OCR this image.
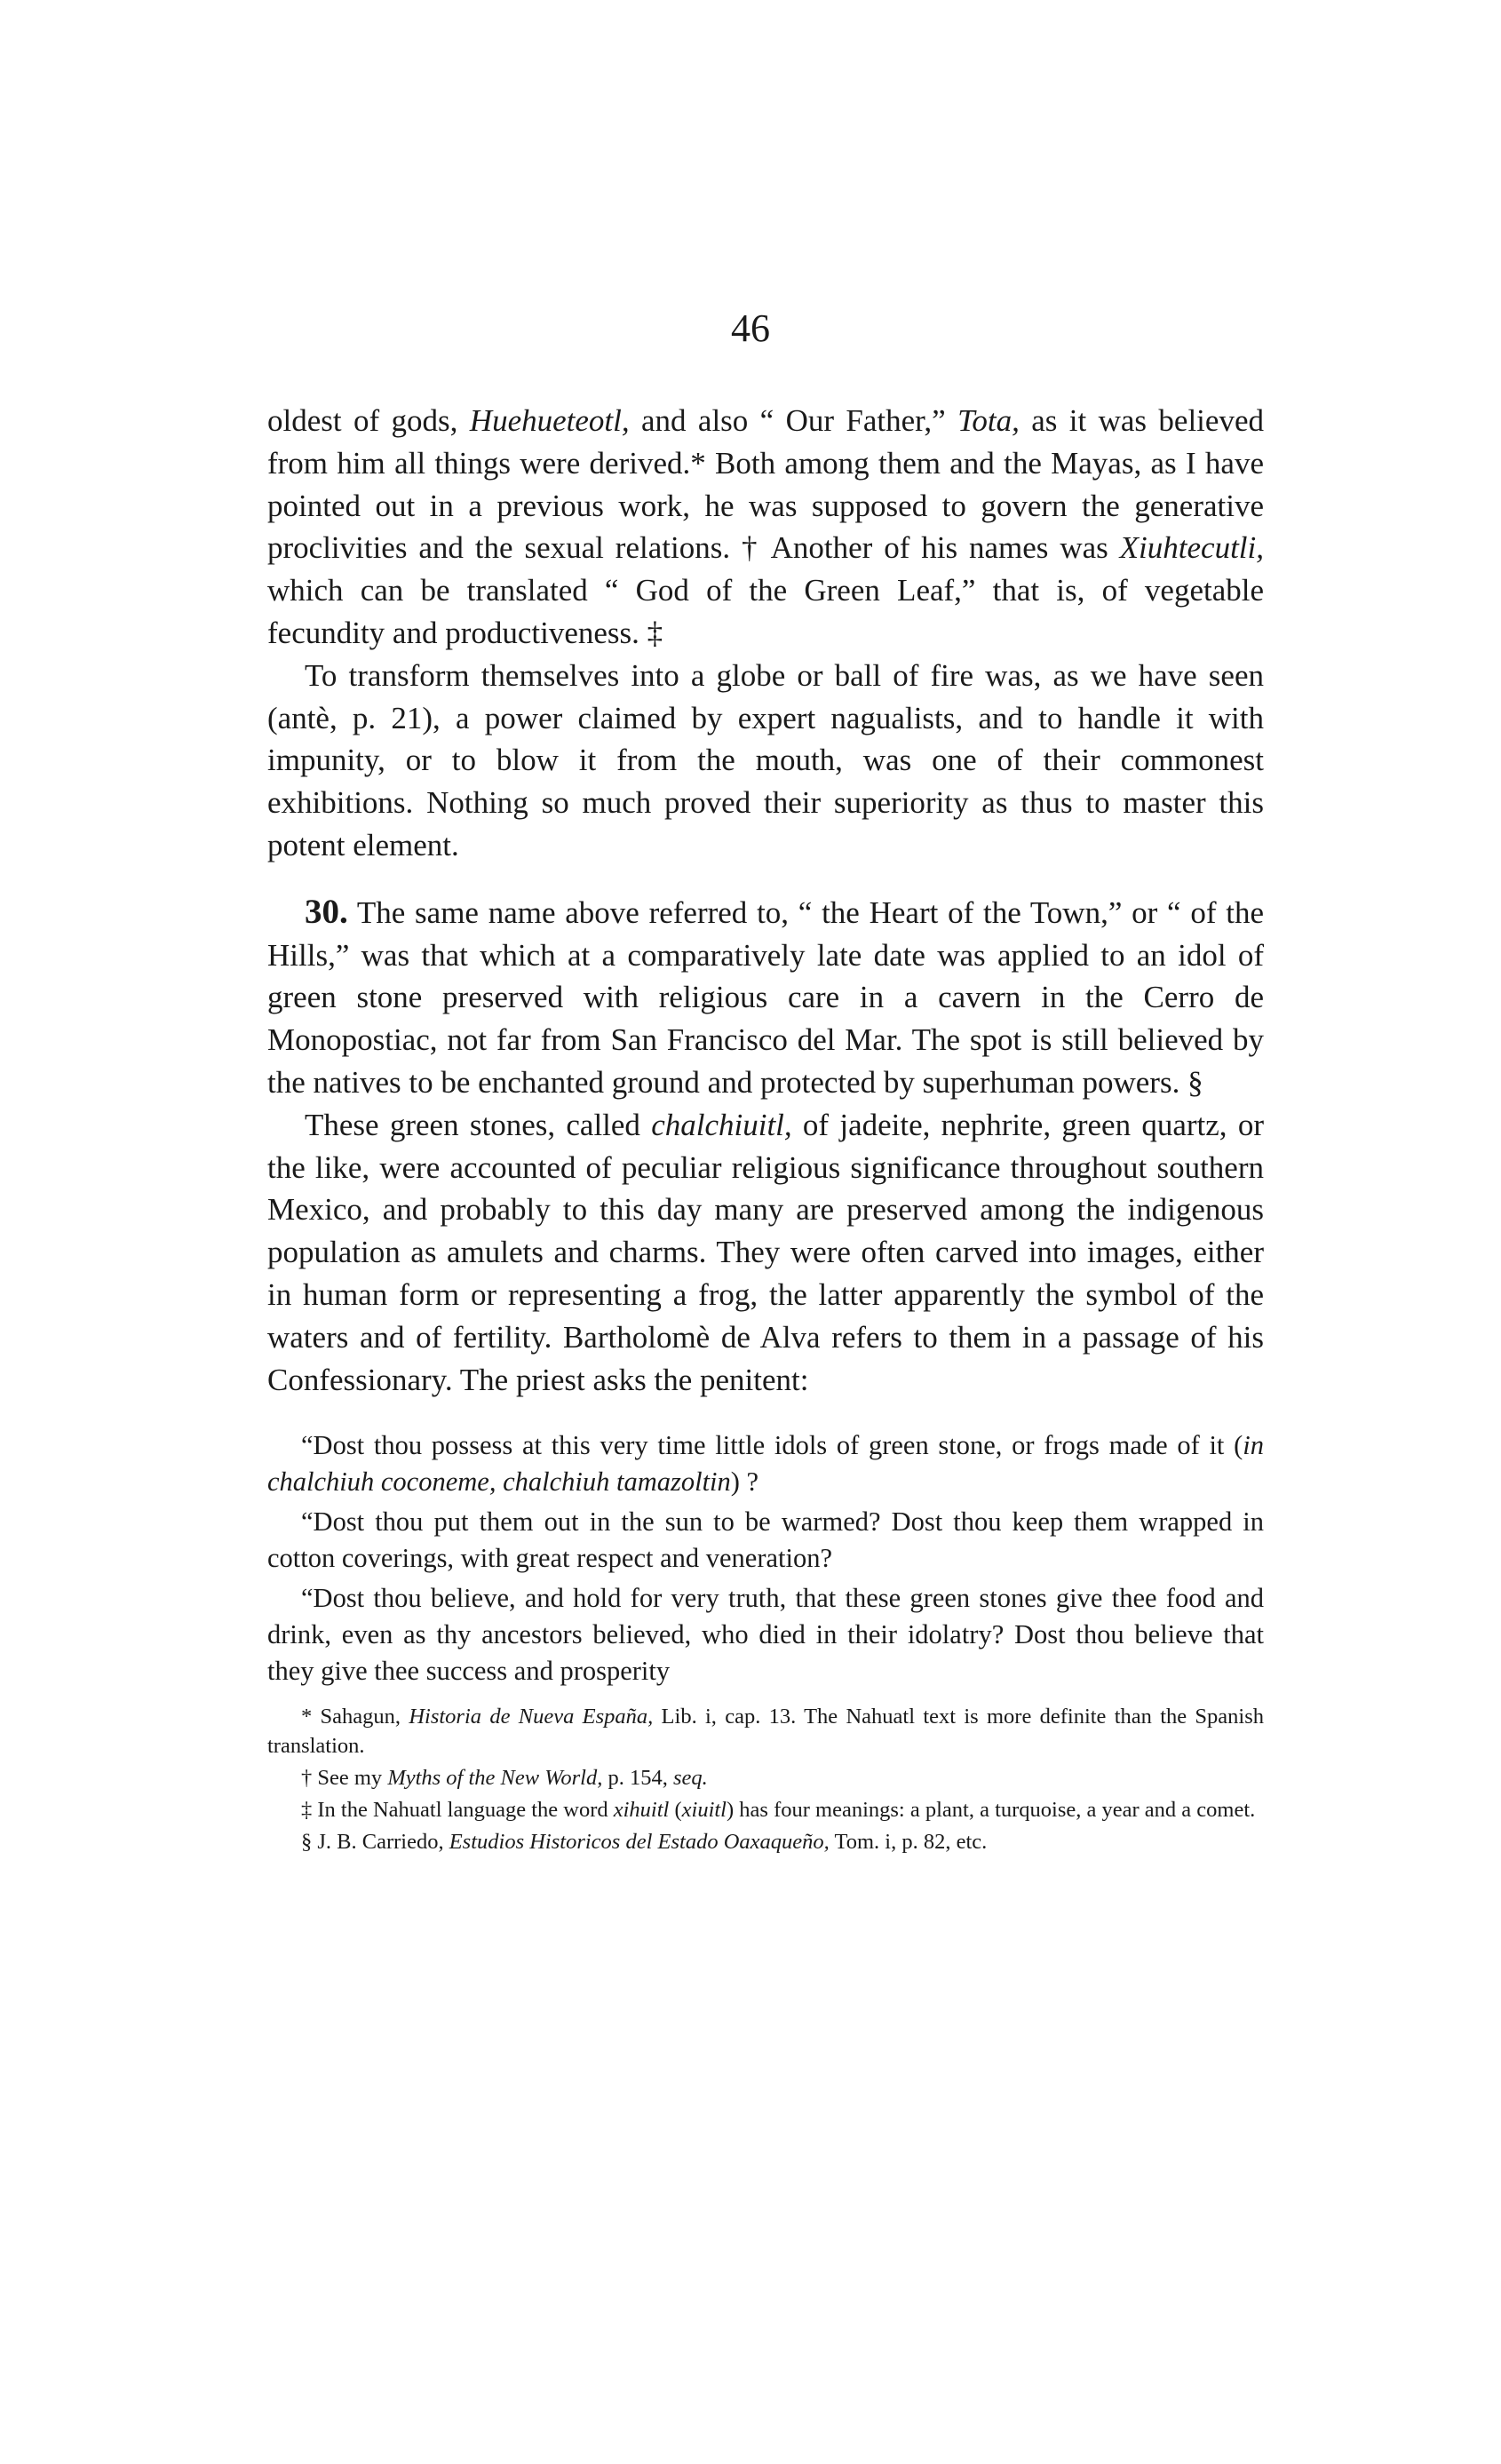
46

oldest of gods, Huehueteotl, and also “ Our Father,” Tota, as it was believed from him all things were derived.* Both among them and the Mayas, as I have pointed out in a previous work, he was supposed to govern the generative proclivities and the sexual relations. † Another of his names was Xiuhtecutli, which can be translated “ God of the Green Leaf,” that is, of vegetable fecundity and productiveness. ‡

To transform themselves into a globe or ball of fire was, as we have seen (antè, p. 21), a power claimed by expert nagualists, and to handle it with impunity, or to blow it from the mouth, was one of their commonest exhibitions. Nothing so much proved their superiority as thus to master this potent element.

30. The same name above referred to, “ the Heart of the Town,” or “ of the Hills,” was that which at a comparatively late date was applied to an idol of green stone preserved with religious care in a cavern in the Cerro de Monopostiac, not far from San Francisco del Mar. The spot is still believed by the natives to be enchanted ground and protected by superhuman powers. §

These green stones, called chalchiuitl, of jadeite, nephrite, green quartz, or the like, were accounted of peculiar religious significance throughout southern Mexico, and probably to this day many are preserved among the indigenous population as amulets and charms. They were often carved into images, either in human form or representing a frog, the latter apparently the symbol of the waters and of fertility. Bartholomè de Alva refers to them in a passage of his Confessionary. The priest asks the penitent:

“Dost thou possess at this very time little idols of green stone, or frogs made of it (in chalchiuh coconeme, chalchiuh tamazoltin) ?

“Dost thou put them out in the sun to be warmed? Dost thou keep them wrapped in cotton coverings, with great respect and veneration?

“Dost thou believe, and hold for very truth, that these green stones give thee food and drink, even as thy ancestors believed, who died in their idolatry? Dost thou believe that they give thee success and prosperity

* Sahagun, Historia de Nueva España, Lib. i, cap. 13. The Nahuatl text is more definite than the Spanish translation.

† See my Myths of the New World, p. 154, seq.

‡ In the Nahuatl language the word xihuitl (xiuitl) has four meanings: a plant, a turquoise, a year and a comet.

§ J. B. Carriedo, Estudios Historicos del Estado Oaxaqueño, Tom. i, p. 82, etc.
